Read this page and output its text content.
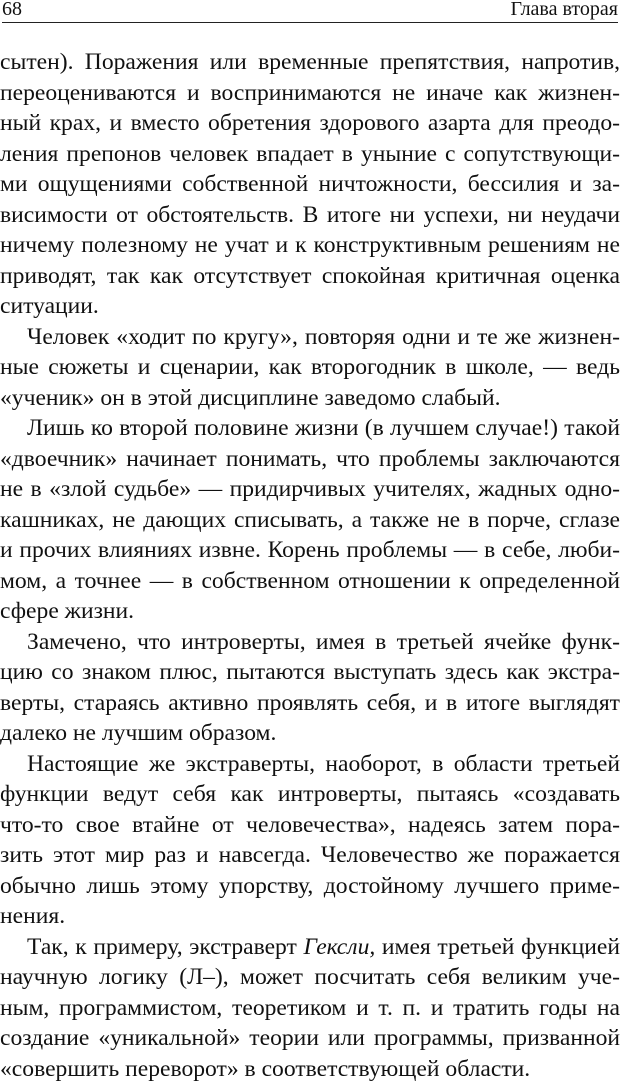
68	Глава вторая
сытен). Поражения или временные препятствия, напротив,
переоцениваются и воспринимаются не иначе как жизнен-
ный крах, и вместо обретения здорового азарта для преодо-
ления препонов человек впадает в уныние с сопутствующи-
ми ощущениями собственной ничтожности, бессилия и за-
висимости от обстоятельств. В итоге ни успехи, ни неудачи
ничему полезному не учат и к конструктивным решениям не
приводят, так как отсутствует спокойная критичная оценка
ситуации.
Человек «ходит по кругу», повторяя одни и те же жизнен-
ные сюжеты и сценарии, как второгодник в школе, — ведь
«ученик» он в этой дисциплине заведомо слабый.
Лишь ко второй половине жизни (в лучшем случае!) такой
«двоечник» начинает понимать, что проблемы заключаются
не в «злой судьбе» — придирчивых учителях, жадных одно-
кашниках, не дающих списывать, а также не в порче, сглазе
и прочих влияниях извне. Корень проблемы — в себе, люби-
мом, а точнее — в собственном отношении к определенной
сфере жизни.
Замечено, что интроверты, имея в третьей ячейке функ-
цию со знаком плюс, пытаются выступать здесь как экстра-
верты, стараясь активно проявлять себя, и в итоге выглядят
далеко не лучшим образом.
Настоящие же экстраверты, наоборот, в области третьей
функции ведут себя как интроверты, пытаясь «создавать
что-то свое втайне от человечества», надеясь затем пора-
зить этот мир раз и навсегда. Человечество же поражается
обычно лишь этому упорству, достойному лучшего приме-
нения.
Так, к примеру, экстраверт Гексли, имея третьей функцией
научную логику (Л–), может посчитать себя великим уче-
ным, программистом, теоретиком и т. п. и тратить годы на
создание «уникальной» теории или программы, призванной
«совершить переворот» в соответствующей области.
